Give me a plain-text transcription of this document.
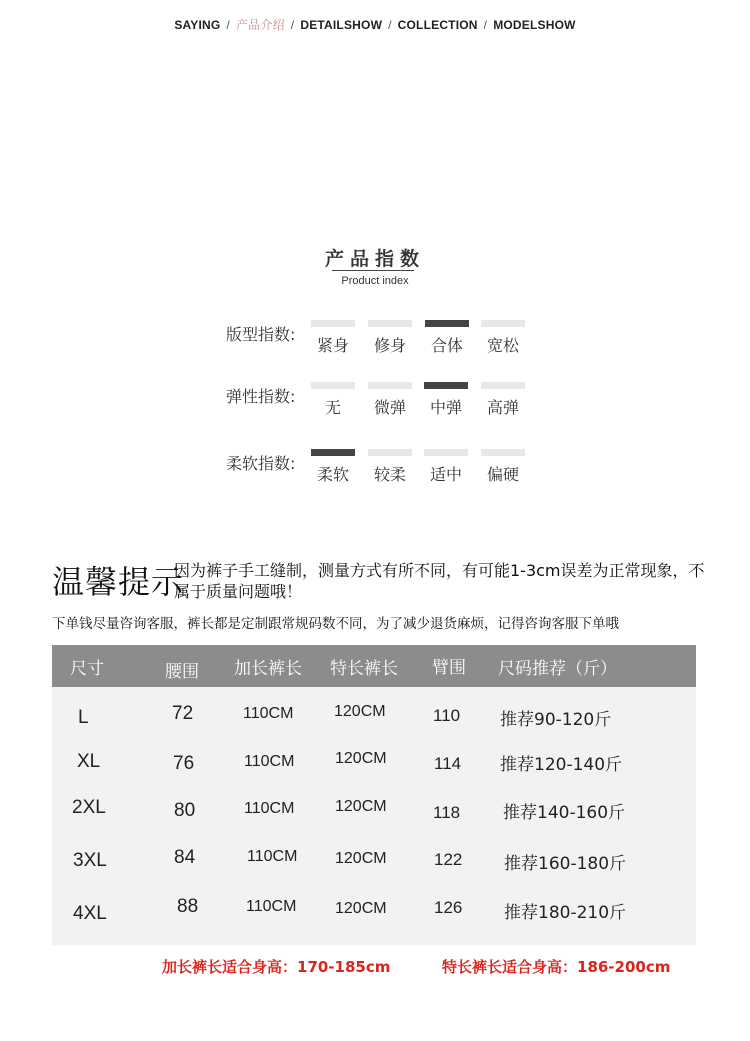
SAYING / 产品介绍 / DETAILSHOW / COLLECTION / MODELSHOW
产品指数
Product index
版型指数:
紧身	修身	合体	宽松
弹性指数:
无	微弹	中弹	高弹
柔软指数:
柔软	较柔	适中	偏硬
温馨提示
因为裤子手工缝制，测量方式有所不同，有可能1-3cm误差为正常现象，不属于质量问题哦！
下单钱尽量咨询客服，裤长都是定制跟常规码数不同，为了减少退货麻烦，记得咨询客服下单哦
尺寸	腰围 加长裤长 特长裤长 臂围 尺码推荐（斤）
L	72	110CM	120CM	110 推荐90-120斤
XL	76	110CM	120CM	114 推荐120-140斤
2XL	80	110CM	120CM	118	推荐140-160斤
3XL	84	110CM 120CM	122 推荐160-180斤
4XL	88	110CM 120CM	126 推荐180-210斤
加长裤长适合身高：170-185cm	特长裤长适合身高：186-200cm
